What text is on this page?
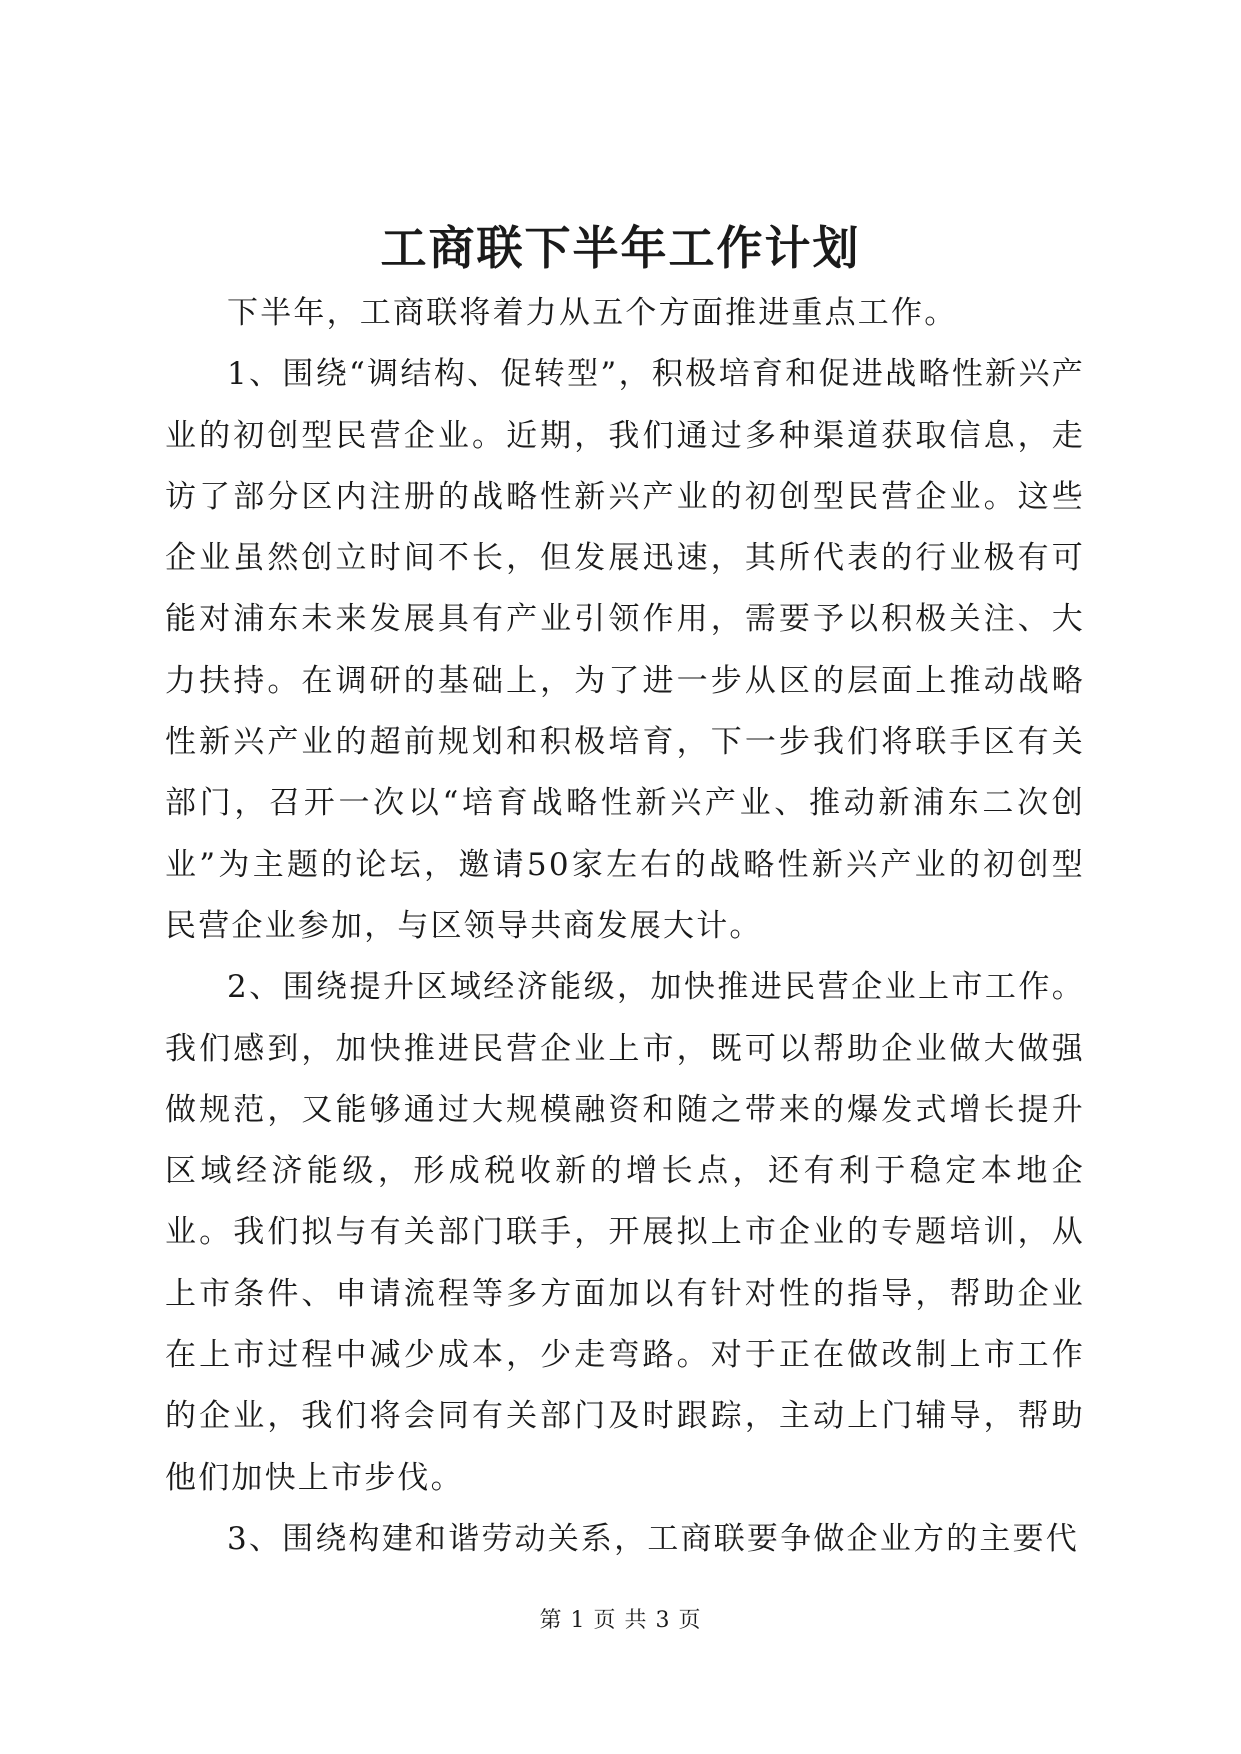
工商联下半年工作计划

下半年，工商联将着力从五个方面推进重点工作。

1、围绕“调结构、促转型”，积极培育和促进战略性新兴产业的初创型民营企业。近期，我们通过多种渠道获取信息，走访了部分区内注册的战略性新兴产业的初创型民营企业。这些企业虽然创立时间不长，但发展迅速，其所代表的行业极有可能对浦东未来发展具有产业引领作用，需要予以积极关注、大力扶持。在调研的基础上，为了进一步从区的层面上推动战略性新兴产业的超前规划和积极培育，下一步我们将联手区有关部门，召开一次以“培育战略性新兴产业、推动新浦东二次创业”为主题的论坛，邀请50家左右的战略性新兴产业的初创型民营企业参加，与区领导共商发展大计。

2、围绕提升区域经济能级，加快推进民营企业上市工作。我们感到，加快推进民营企业上市，既可以帮助企业做大做强做规范，又能够通过大规模融资和随之带来的爆发式增长提升区域经济能级，形成税收新的增长点，还有利于稳定本地企业。我们拟与有关部门联手，开展拟上市企业的专题培训，从上市条件、申请流程等多方面加以有针对性的指导，帮助企业在上市过程中减少成本，少走弯路。对于正在做改制上市工作的企业，我们将会同有关部门及时跟踪，主动上门辅导，帮助他们加快上市步伐。

3、围绕构建和谐劳动关系，工商联要争做企业方的主要代

第 1 页 共 3 页
